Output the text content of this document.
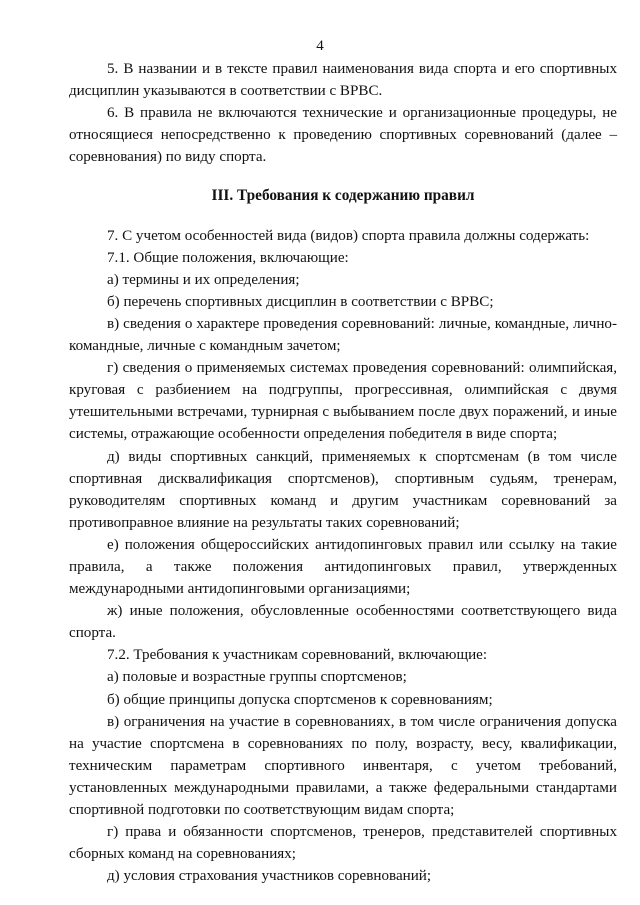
4

5. В названии и в тексте правил наименования вида спорта и его спортивных дисциплин указываются в соответствии с ВРВС.

6. В правила не включаются технические и организационные процедуры, не относящиеся непосредственно к проведению спортивных соревнований (далее – соревнования) по виду спорта.

III. Требования к содержанию правил

7. С учетом особенностей вида (видов) спорта правила должны содержать:

7.1. Общие положения, включающие:

а) термины и их определения;

б) перечень спортивных дисциплин в соответствии с ВРВС;

в) сведения о характере проведения соревнований: личные, командные, лично-командные, личные с командным зачетом;

г) сведения о применяемых системах проведения соревнований: олимпийская, круговая с разбиением на подгруппы, прогрессивная, олимпийская с двумя утешительными встречами, турнирная с выбыванием после двух поражений, и иные системы, отражающие особенности определения победителя в виде спорта;

д) виды спортивных санкций, применяемых к спортсменам (в том числе спортивная дисквалификация спортсменов), спортивным судьям, тренерам, руководителям спортивных команд и другим участникам соревнований за противоправное влияние на результаты таких соревнований;

е) положения общероссийских антидопинговых правил или ссылку на такие правила, а также положения антидопинговых правил, утвержденных международными антидопинговыми организациями;

ж) иные положения, обусловленные особенностями соответствующего вида спорта.

7.2. Требования к участникам соревнований, включающие:

а) половые и возрастные группы спортсменов;

б) общие принципы допуска спортсменов к соревнованиям;

в) ограничения на участие в соревнованиях, в том числе ограничения допуска на участие спортсмена в соревнованиях по полу, возрасту, весу, квалификации, техническим параметрам спортивного инвентаря, с учетом требований, установленных международными правилами, а также федеральными стандартами спортивной подготовки по соответствующим видам спорта;

г) права и обязанности спортсменов, тренеров, представителей спортивных сборных команд на соревнованиях;

д) условия страхования участников соревнований;
